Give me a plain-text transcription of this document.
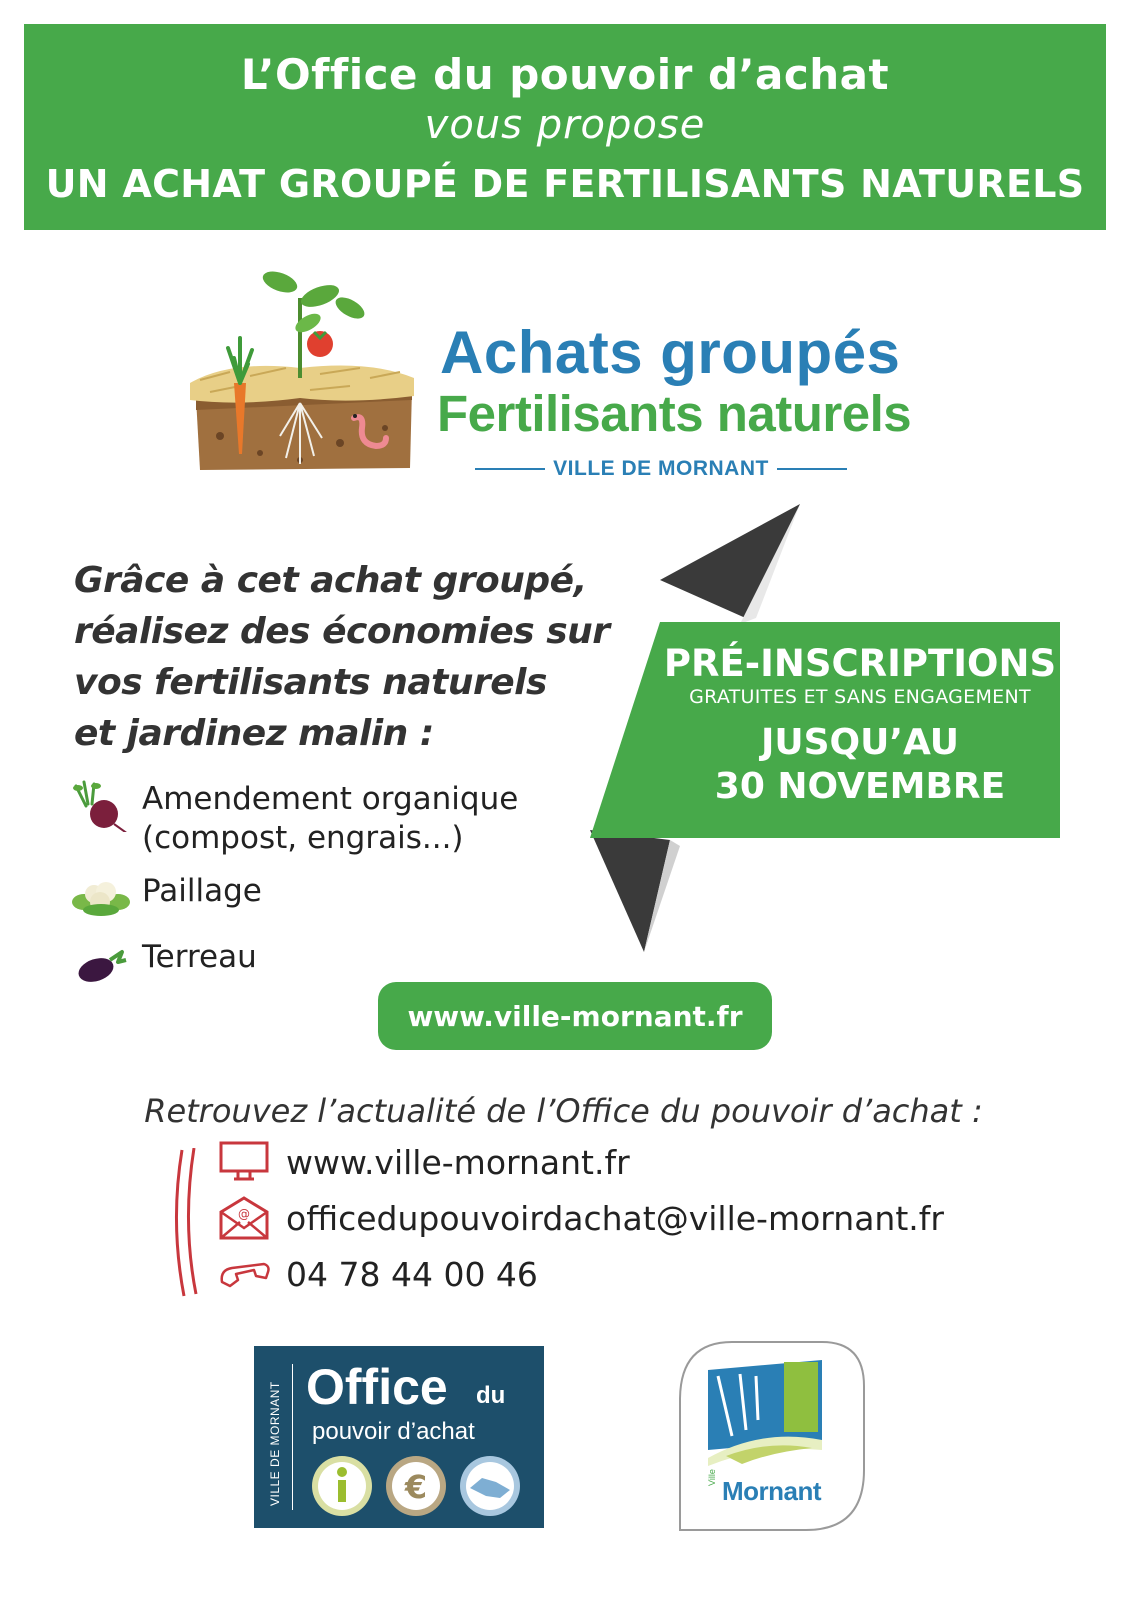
L’Office du pouvoir d’achat
vous propose
UN ACHAT GROUPÉ DE FERTILISANTS NATURELS
Achats groupés
Fertilisants naturels
VILLE DE MORNANT
Grâce à cet achat groupé,
réalisez des économies sur
vos fertilisants naturels
et jardinez malin :
Amendement organique
(compost, engrais...)
Paillage
Terreau
PRÉ-INSCRIPTIONS
GRATUITES ET SANS ENGAGEMENT
JUSQU’AU
30 NOVEMBRE
www.ville-mornant.fr
Retrouvez l’actualité de l’Office du pouvoir d’achat :
www.ville-mornant.fr
@ officedupouvoirdachat@ville-mornant.fr
04 78 44 00 46
VILLE DE MORNANT Office du
pouvoir d’achat
€	Mornant
Ville
